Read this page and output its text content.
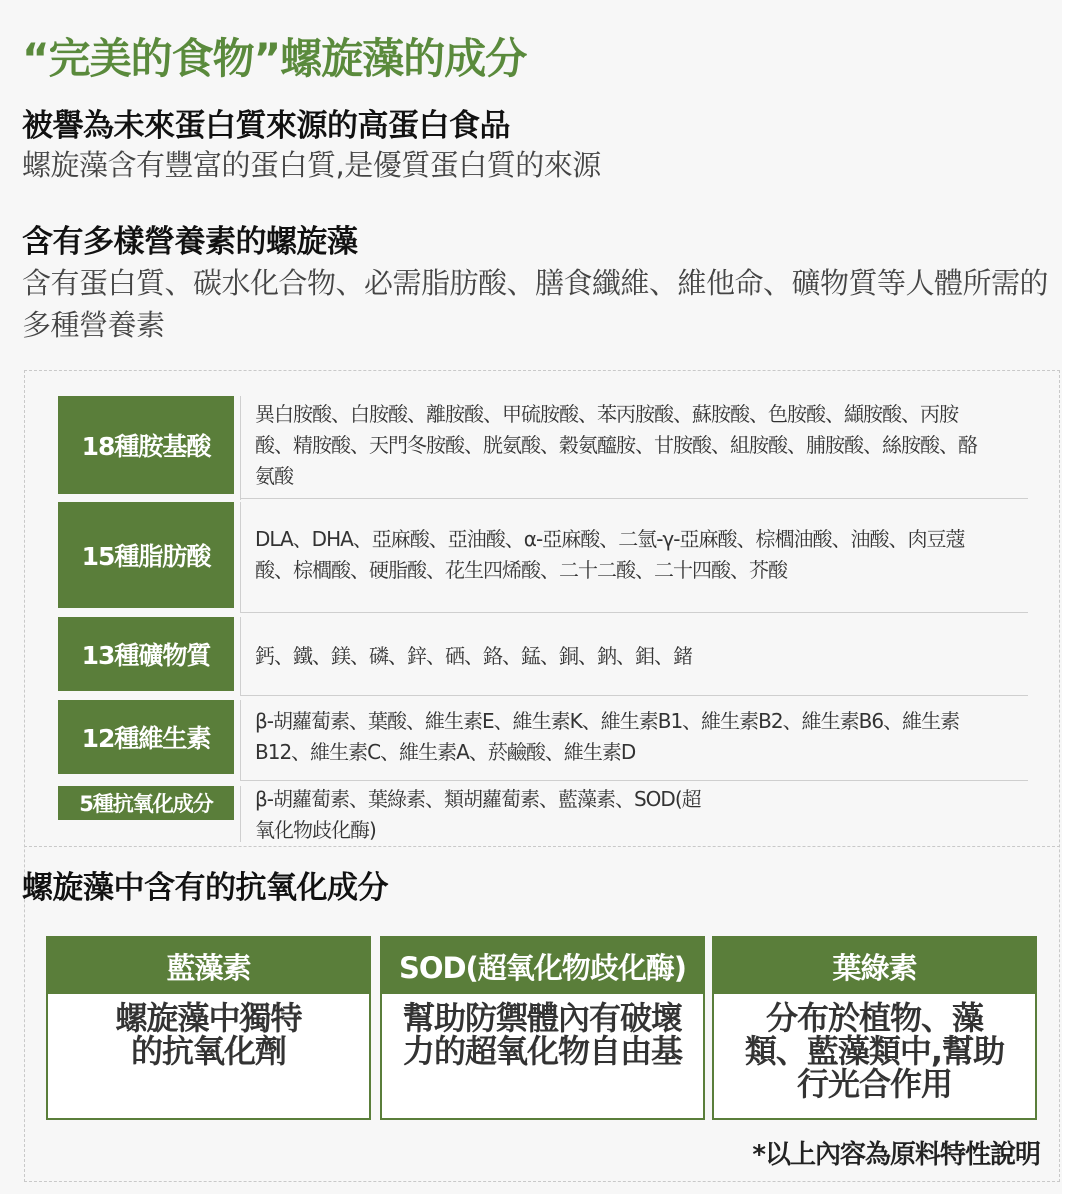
“完美的食物”螺旋藻的成分
被譽為未來蛋白質來源的高蛋白食品
螺旋藻含有豐富的蛋白質,是優質蛋白質的來源
含有多樣營養素的螺旋藻
含有蛋白質、碳水化合物、必需脂肪酸、膳食纖維、維他命、礦物質等人體所需的多種營養素
18種胺基酸
異白胺酸、白胺酸、離胺酸、甲硫胺酸、苯丙胺酸、蘇胺酸、色胺酸、纈胺酸、丙胺酸、精胺酸、天門冬胺酸、胱氨酸、穀氨醯胺、甘胺酸、組胺酸、脯胺酸、絲胺酸、酪氨酸
15種脂肪酸
DLA、DHA、亞麻酸、亞油酸、α-亞麻酸、二氫-γ-亞麻酸、棕櫚油酸、油酸、肉豆蔻酸、棕櫚酸、硬脂酸、花生四烯酸、二十二酸、二十四酸、芥酸
13種礦物質	鈣、鐵、鎂、磷、鋅、硒、鉻、錳、銅、鈉、鉬、鍺
12種維生素
β-胡蘿蔔素、葉酸、維生素E、維生素K、維生素B1、維生素B2、維生素B6、維生素B12、維生素C、維生素A、菸鹼酸、維生素D
5種抗氧化成分	β-胡蘿蔔素、葉綠素、類胡蘿蔔素、藍藻素、SOD(超氧化物歧化酶)
螺旋藻中含有的抗氧化成分
藍藻素
螺旋藻中獨特的抗氧化劑
SOD(超氧化物歧化酶)
幫助防禦體內有破壞力的超氧化物自由基
葉綠素
分布於植物、藻類、藍藻類中,幫助行光合作用
*以上內容為原料特性說明
